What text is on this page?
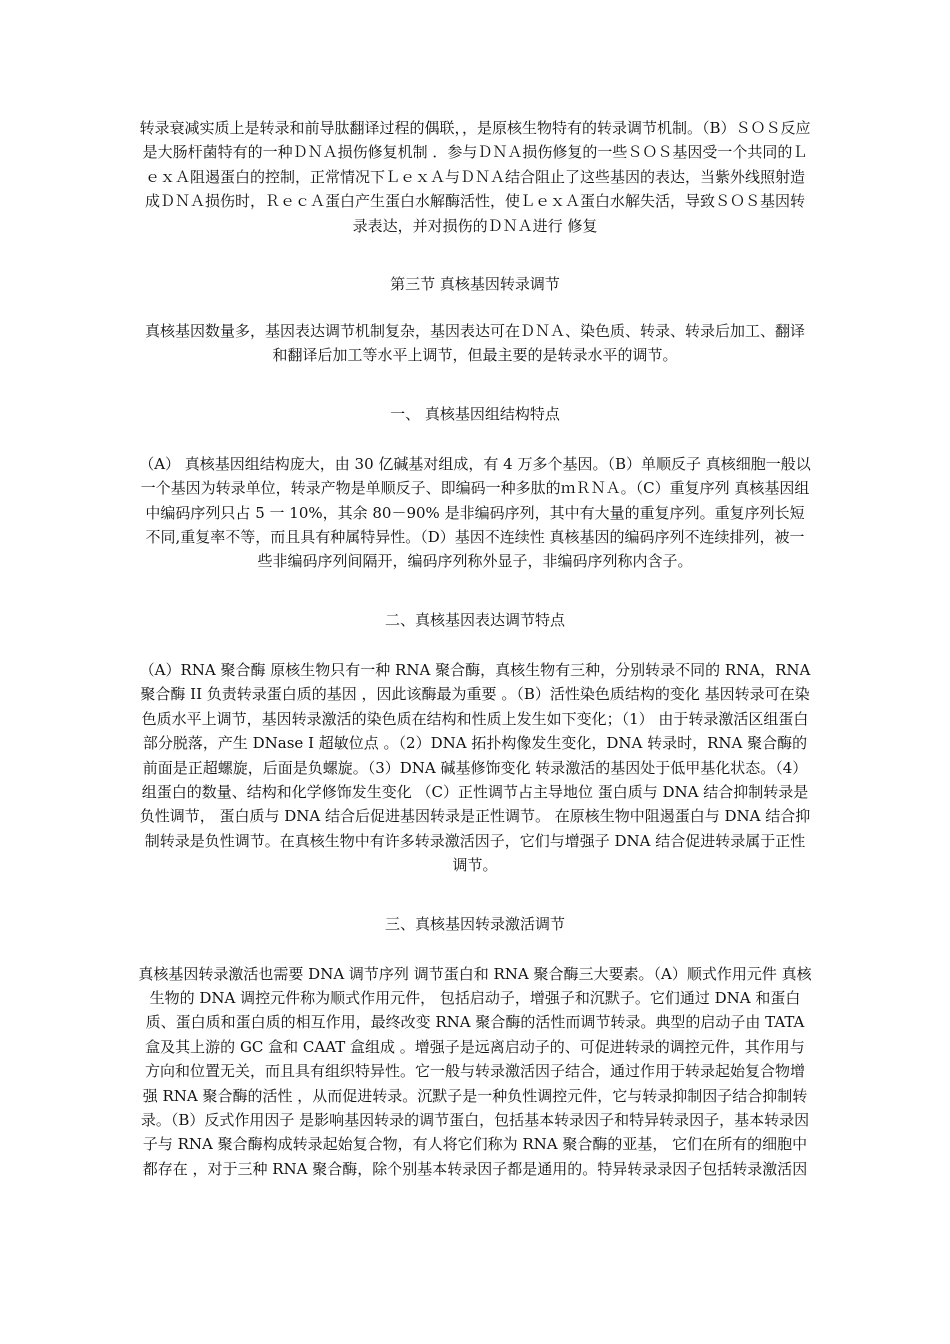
转录衰减实质上是转录和前导肽翻译过程的偶联，，是原核生物特有的转录调节机制。（B）ＳＯＳ反应 是大肠杆菌特有的一种ＤＮＡ损伤修复机制 ．参与ＤＮＡ损伤修复的一些ＳＯＳ基因受一个共同的ＬｅｘＡ阻遏蛋白的控制，正常情况下ＬｅｘＡ与ＤＮＡ结合阻止了这些基因的表达，当紫外线照射造成ＤＮＡ损伤时，ＲｅｃＡ蛋白产生蛋白水解酶活性，使ＬｅｘＡ蛋白水解失活，导致ＳＯＳ基因转录表达，并对损伤的ＤＮＡ进行 修复

第三节 真核基因转录调节

真核基因数量多，基因表达调节机制复杂，基因表达可在ＤＮＡ、染色质、转录、转录后加工、翻译和翻译后加工等水平上调节，但最主要的是转录水平的调节。

一、 真核基因组结构特点

（A） 真核基因组结构庞大，由 30 亿碱基对组成，有 4 万多个基因。（B）单顺反子 真核细胞一般以一个基因为转录单位，转录产物是单顺反子、即编码一种多肽的ｍＲＮＡ。（C）重复序列 真核基因组中编码序列只占 5 一 10%，其余 80－90% 是非编码序列，其中有大量的重复序列。重复序列长短不同,重复率不等，而且具有种属特异性。（D）基因不连续性 真核基因的编码序列不连续排列，被一些非编码序列间隔开，编码序列称外显子，非编码序列称内含子。

二、真核基因表达调节特点

（A）RNA 聚合酶 原核生物只有一种 RNA 聚合酶，真核生物有三种，分别转录不同的 RNA，RNA 聚合酶 II 负责转录蛋白质的基因 ，因此该酶最为重要 。（B）活性染色质结构的变化 基因转录可在染色质水平上调节，基因转录激活的染色质在结构和性质上发生如下变化；（1） 由于转录激活区组蛋白部分脱落，产生 DNase I 超敏位点 。（2）DNA 拓扑构像发生变化，DNA 转录时，RNA 聚合酶的前面是正超螺旋，后面是负螺旋。（3）DNA 碱基修饰变化 转录激活的基因处于低甲基化状态。（4）组蛋白的数量、结构和化学修饰发生变化 （C）正性调节占主导地位 蛋白质与 DNA 结合抑制转录是负性调节， 蛋白质与 DNA 结合后促进基因转录是正性调节。 在原核生物中阻遏蛋白与 DNA 结合抑制转录是负性调节。在真核生物中有许多转录激活因子，它们与增强子 DNA 结合促进转录属于正性调节。

三、真核基因转录激活调节

真核基因转录激活也需要 DNA 调节序列 调节蛋白和 RNA 聚合酶三大要素。（A）顺式作用元件 真核生物的 DNA 调控元件称为顺式作用元件， 包括启动子，增强子和沉默子。它们通过 DNA 和蛋白质、蛋白质和蛋白质的相互作用，最终改变 RNA 聚合酶的活性而调节转录。典型的启动子由 TATA 盒及其上游的 GC 盒和 CAAT 盒组成 。增强子是远离启动子的、可促进转录的调控元件，其作用与方向和位置无关，而且具有组织特异性。它一般与转录激活因子结合，通过作用于转录起始复合物增强 RNA 聚合酶的活性 ，从而促进转录。沉默子是一种负性调控元件，它与转录抑制因子结合抑制转录。（B）反式作用因子 是影响基因转录的调节蛋白，包括基本转录因子和特异转录因子，基本转录因子与 RNA 聚合酶构成转录起始复合物，有人将它们称为 RNA 聚合酶的亚基， 它们在所有的细胞中都存在 ，对于三种 RNA 聚合酶，除个别基本转录因子都是通用的。特异转录录因子包括转录激活因
